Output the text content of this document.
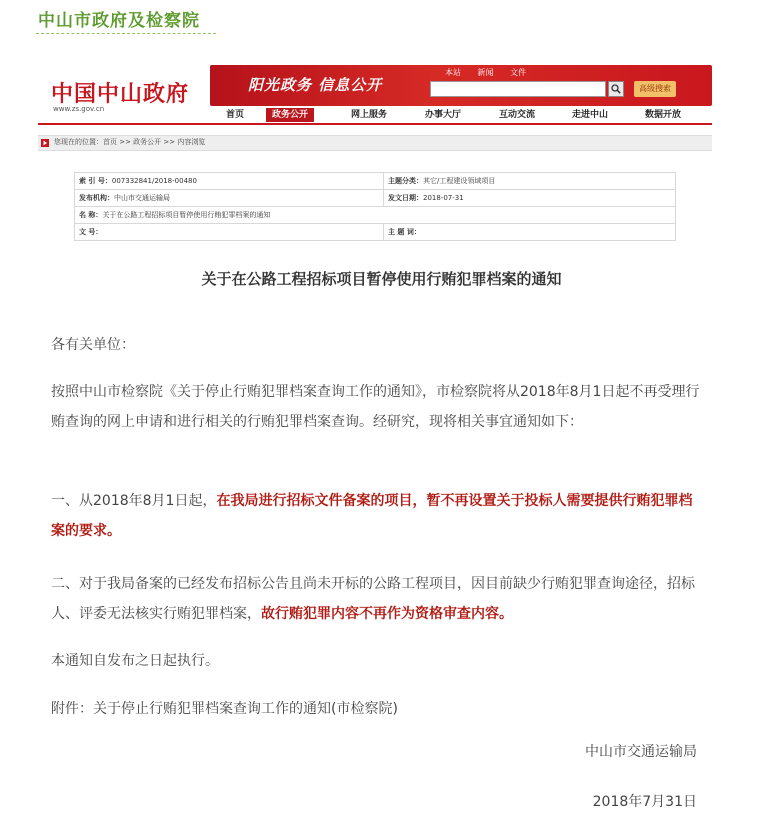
中山市政府及检察院
中国中山政府
www.zs.gov.cn
阳光政务 信息公开
本站 新闻 文件
高级搜索
首页	政务公开	网上服务	办事大厅	互动交流	走进中山	数据开放
您现在的位置：首页 >> 政务公开 >> 内容浏览
索 引 号：007332841/2018-00480	主题分类：其它/工程建设领域项目
发布机构：中山市交通运输局	发文日期：2018-07-31
名 称：关于在公路工程招标项目暂停使用行贿犯罪档案的通知	
文 号：	主 题 词：
关于在公路工程招标项目暂停使用行贿犯罪档案的通知

各有关单位：

按照中山市检察院《关于停止行贿犯罪档案查询工作的通知》，市检察院将从2018年8月1日起不再受理行贿查询的网上申请和进行相关的行贿犯罪档案查询。经研究，现将相关事宜通知如下：

一、从2018年8月1日起，在我局进行招标文件备案的项目，暂不再设置关于投标人需要提供行贿犯罪档案的要求。

二、对于我局备案的已经发布招标公告且尚未开标的公路工程项目，因目前缺少行贿犯罪查询途径，招标人、评委无法核实行贿犯罪档案，故行贿犯罪内容不再作为资格审查内容。

本通知自发布之日起执行。

附件：关于停止行贿犯罪档案查询工作的通知(市检察院)

中山市交通运输局
2018年7月31日
